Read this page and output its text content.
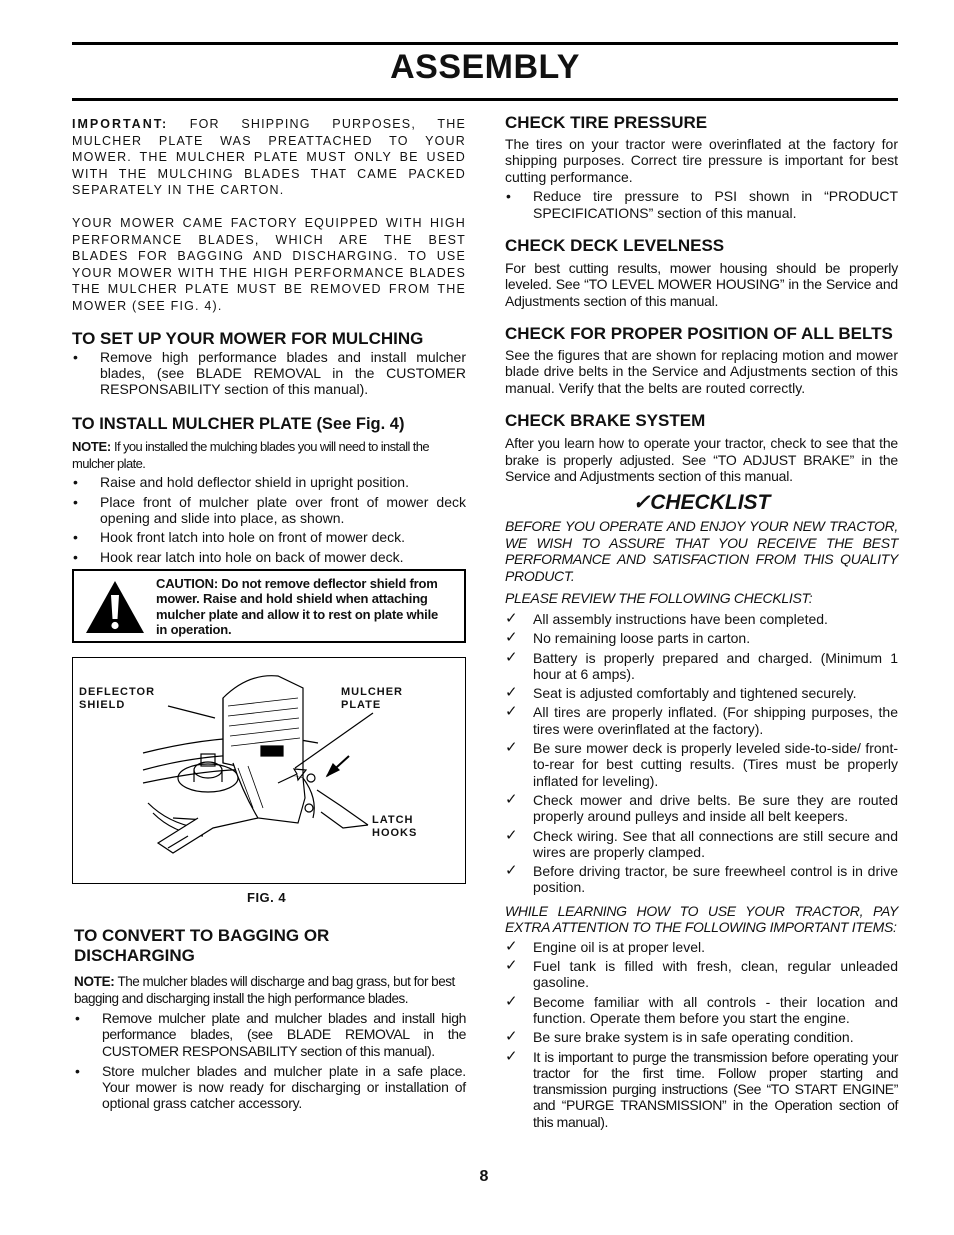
ASSEMBLY

IMPORTANT: FOR SHIPPING PURPOSES, THE MULCHER PLATE WAS PREATTACHED TO YOUR MOWER. THE MULCHER PLATE MUST ONLY BE USED WITH THE MULCHING BLADES THAT CAME PACKED SEPARATELY IN THE CARTON.

YOUR MOWER CAME FACTORY EQUIPPED WITH HIGH PERFORMANCE BLADES, WHICH ARE THE BEST BLADES FOR BAGGING AND DISCHARGING. TO USE YOUR MOWER WITH THE HIGH PERFORMANCE BLADES THE MULCHER PLATE MUST BE REMOVED FROM THE MOWER (SEE FIG. 4).

TO SET UP YOUR MOWER FOR MULCHING
• Remove high performance blades and install mulcher blades, (see BLADE REMOVAL in the CUSTOMER RESPONSABILITY section of this manual).
TO INSTALL MULCHER PLATE (See Fig. 4)

NOTE: If you installed the mulching blades you will need to install the mulcher plate.

• Raise and hold deflector shield in upright position.
• Place front of mulcher plate over front of mower deck opening and slide into place, as shown.
• Hook front latch into hole on front of mower deck.
• Hook rear latch into hole on back of mower deck.
CAUTION: Do not remove deflector shield from mower. Raise and hold shield when attaching mulcher plate and allow it to rest on plate while in operation.
DEFLECTOR
SHIELD
MULCHER
PLATE
LATCH
HOOKS
FIG. 4
TO CONVERT TO BAGGING OR
DISCHARGING

NOTE: The mulcher blades will discharge and bag grass, but for best bagging and discharging install the high performance blades.

• Remove mulcher plate and mulcher blades and install high performance blades, (see BLADE REMOVAL in the CUSTOMER RESPONSABILITY section of this manual).
• Store mulcher blades and mulcher plate in a safe place. Your mower is now ready for discharging or installation of optional grass catcher accessory.
CHECK TIRE PRESSURE

The tires on your tractor were overinflated at the factory for shipping purposes. Correct tire pressure is important for best cutting performance.

• Reduce tire pressure to PSI shown in “PRODUCT SPECIFICATIONS” section of this manual.
CHECK DECK LEVELNESS

For best cutting results, mower housing should be properly leveled. See “TO LEVEL MOWER HOUSING” in the Service and Adjustments section of this manual.

CHECK FOR PROPER POSITION OF ALL BELTS

See the figures that are shown for replacing motion and mower blade drive belts in the Service and Adjustments section of this manual. Verify that the belts are routed correctly.

CHECK BRAKE SYSTEM

After you learn how to operate your tractor, check to see that the brake is properly adjusted. See “TO ADJUST BRAKE” in the Service and Adjustments section of this manual.

✓CHECKLIST

BEFORE YOU OPERATE AND ENJOY YOUR NEW TRACTOR, WE WISH TO ASSURE THAT YOU RECEIVE THE BEST PERFORMANCE AND SATISFACTION FROM THIS QUALITY PRODUCT.

PLEASE REVIEW THE FOLLOWING CHECKLIST:

✓ All assembly instructions have been completed.
✓ No remaining loose parts in carton.
✓ Battery is properly prepared and charged. (Minimum 1 hour at 6 amps).
✓ Seat is adjusted comfortably and tightened securely.
✓ All tires are properly inflated. (For shipping purposes, the tires were overinflated at the factory).
✓ Be sure mower deck is properly leveled side-to-side/ front-to-rear for best cutting results. (Tires must be properly inflated for leveling).
✓ Check mower and drive belts. Be sure they are routed properly around pulleys and inside all belt keepers.
✓ Check wiring. See that all connections are still secure and wires are properly clamped.
✓ Before driving tractor, be sure freewheel control is in drive position.

WHILE LEARNING HOW TO USE YOUR TRACTOR, PAY EXTRA ATTENTION TO THE FOLLOWING IMPORTANT ITEMS:

✓ Engine oil is at proper level.
✓ Fuel tank is filled with fresh, clean, regular unleaded gasoline.
✓ Become familiar with all controls - their location and function. Operate them before you start the engine.
✓ Be sure brake system is in safe operating condition.
✓ It is important to purge the transmission before operating your tractor for the first time. Follow proper starting and transmission purging instructions (See “TO START ENGINE” and “PURGE TRANSMISSION” in the Operation section of this manual).
8
